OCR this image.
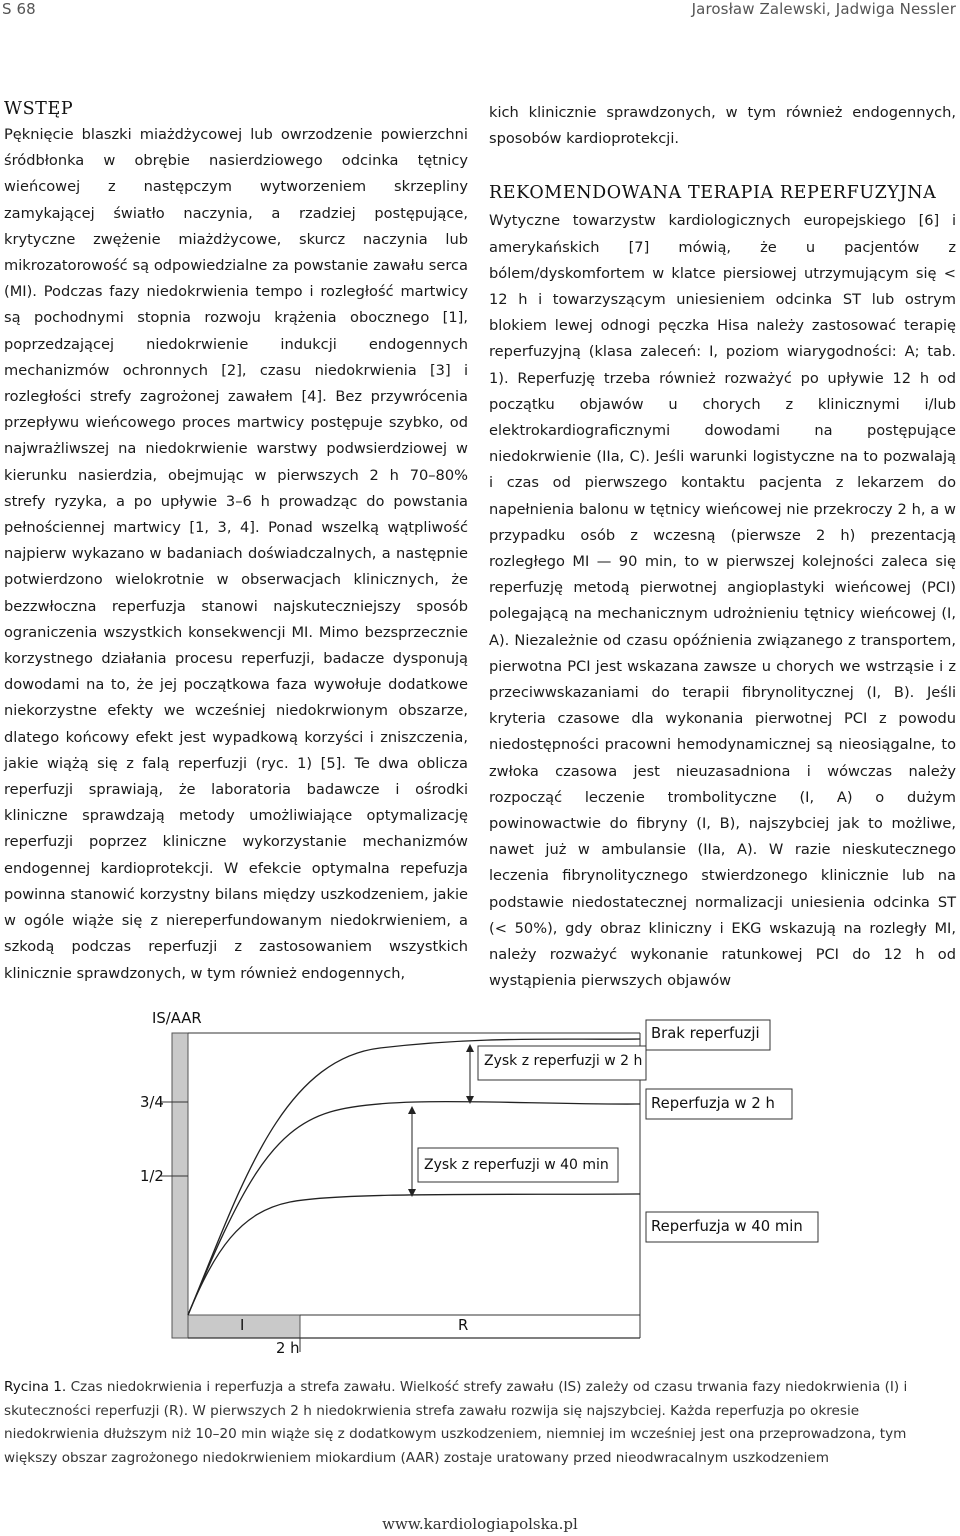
S 68	Jarosław Zalewski, Jadwiga Nessler
WSTĘP

Pęknięcie blaszki miażdżycowej lub owrzodzenie powierzchni śródbłonka w obrębie nasierdziowego odcinka tętnicy wieńcowej z następczym wytworzeniem skrzepliny zamykającej światło naczynia, a rzadziej postępujące, krytyczne zwężenie miażdżycowe, skurcz naczynia lub mikrozatorowość są odpowiedzialne za powstanie zawału serca (MI). Podczas fazy niedokrwienia tempo i rozległość martwicy są pochodnymi stopnia rozwoju krążenia obocznego [1], poprzedzającej niedokrwienie indukcji endogennych mechanizmów ochronnych [2], czasu niedokrwienia [3] i rozległości strefy zagrożonej zawałem [4]. Bez przywrócenia przepływu wieńcowego proces martwicy postępuje szybko, od najwrażliwszej na niedokrwienie warstwy podwsierdziowej w kierunku nasierdzia, obejmując w pierwszych 2 h 70–80% strefy ryzyka, a po upływie 3–6 h prowadząc do powstania pełnościennej martwicy [1, 3, 4]. Ponad wszelką wątpliwość najpierw wykazano w badaniach doświadczalnych, a następnie potwierdzono wielokrotnie w obserwacjach klinicznych, że bezzwłoczna reperfuzja stanowi najskuteczniejszy sposób ograniczenia wszystkich konsekwencji MI. Mimo bezsprzecznie korzystnego działania procesu reperfuzji, badacze dysponują dowodami na to, że jej początkowa faza wywołuje dodatkowe niekorzystne efekty we wcześniej niedokrwionym obszarze, dlatego końcowy efekt jest wypadkową korzyści i zniszczenia, jakie wiążą się z falą reperfuzji (ryc. 1) [5]. Te dwa oblicza reperfuzji sprawiają, że laboratoria badawcze i ośrodki kliniczne sprawdzają metody umożliwiające optymalizację reperfuzji poprzez kliniczne wykorzystanie mechanizmów endogennej kardioprotekcji. W efekcie optymalna repefuzja powinna stanowić korzystny bilans między uszkodzeniem, jakie w ogóle wiąże się z niereperfundowanym niedokrwieniem, a szkodą podczas reperfuzji z zastosowaniem wszystkich klinicznie sprawdzonych, w tym również endogennych,

kich klinicznie sprawdzonych, w tym również endogennych, sposobów kardioprotekcji.

REKOMENDOWANA TERAPIA REPERFUZYJNA

Wytyczne towarzystw kardiologicznych europejskiego [6] i amerykańskich [7] mówią, że u pacjentów z bólem/dyskomfortem w klatce piersiowej utrzymującym się < 12 h i towarzyszącym uniesieniem odcinka ST lub ostrym blokiem lewej odnogi pęczka Hisa należy zastosować terapię reperfuzyjną (klasa zaleceń: I, poziom wiarygodności: A; tab. 1). Reperfuzję trzeba również rozważyć po upływie 12 h od początku objawów u chorych z klinicznymi i/lub elektrokardiograficznymi dowodami na postępujące niedokrwienie (IIa, C). Jeśli warunki logistyczne na to pozwalają i czas od pierwszego kontaktu pacjenta z lekarzem do napełnienia balonu w tętnicy wieńcowej nie przekroczy 2 h, a w przypadku osób z wczesną (pierwsze 2 h) prezentacją rozległego MI — 90 min, to w pierwszej kolejności zaleca się reperfuzję metodą pierwotnej angioplastyki wieńcowej (PCI) polegającą na mechanicznym udrożnieniu tętnicy wieńcowej (I, A). Niezależnie od czasu opóźnienia związanego z transportem, pierwotna PCI jest wskazana zawsze u chorych we wstrząsie i z przeciwwskazaniami do terapii fibrynolitycznej (I, B). Jeśli kryteria czasowe dla wykonania pierwotnej PCI z powodu niedostępności pracowni hemodynamicznej są nieosiągalne, to zwłoka czasowa jest nieuzasadniona i wówczas należy rozpocząć leczenie trombolityczne (I, A) o dużym powinowactwie do fibryny (I, B), najszybciej jak to możliwe, nawet już w ambulansie (IIa, A). W razie nieskutecznego leczenia fibrynolitycznego stwierdzonego klinicznie lub na podstawie niedostatecznej normalizacji uniesienia odcinka ST (< 50%), gdy obraz kliniczny i EKG wskazują na rozległy MI, należy rozważyć wykonanie ratunkowej PCI do 12 h od wystąpienia pierwszych objawów

IS/AAR
3/4
1/2
Brak reperfuzji
Reperfuzja w 2 h
Reperfuzja w 40 min
Zysk z reperfuzji w 2 h
Zysk z reperfuzji w 40 min
I	R
2 h
Rycina 1. Czas niedokrwienia i reperfuzja a strefa zawału. Wielkość strefy zawału (IS) zależy od czasu trwania fazy niedokrwienia (I) i skuteczności reperfuzji (R). W pierwszych 2 h niedokrwienia strefa zawału rozwija się najszybciej. Każda reperfuzja po okresie niedokrwienia dłuższym niż 10–20 min wiąże się z dodatkowym uszkodzeniem, niemniej im wcześniej jest ona przeprowadzona, tym większy obszar zagrożonego niedokrwieniem miokardium (AAR) zostaje uratowany przed nieodwracalnym uszkodzeniem
www.kardiologiapolska.pl
